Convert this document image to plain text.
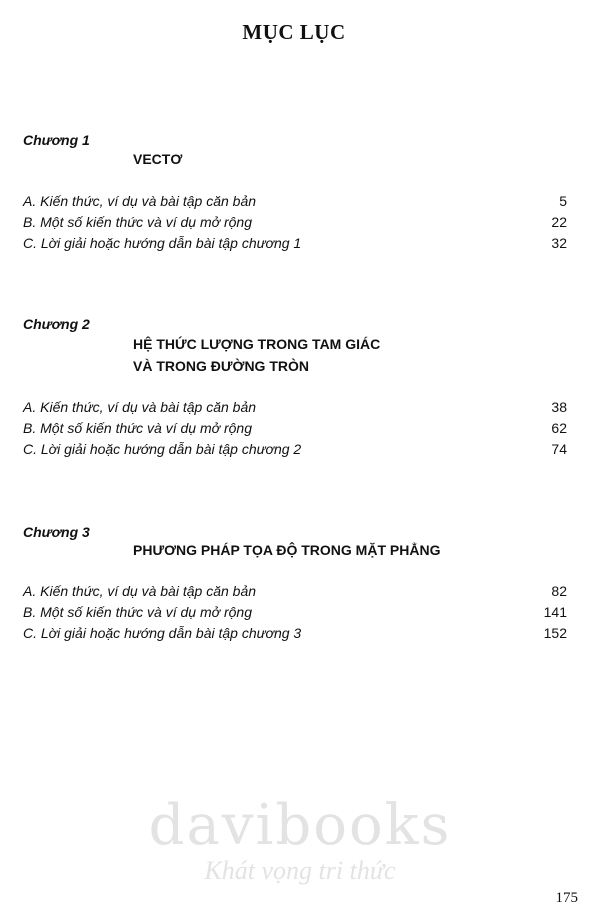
MỤC LỤC
Chương 1
VECTƠ
A. Kiến thức, ví dụ và bài tập căn bản	5
B. Một số kiến thức và ví dụ mở rộng	22
C. Lời giải hoặc hướng dẫn bài tập chương 1	32
Chương 2
HỆ THỨC LƯỢNG TRONG TAM GIÁC
VÀ TRONG ĐƯỜNG TRÒN
A. Kiến thức, ví dụ và bài tập căn bản	38
B. Một số kiến thức và ví dụ mở rộng	62
C. Lời giải hoặc hướng dẫn bài tập chương 2	74
Chương 3
PHƯƠNG PHÁP TỌA ĐỘ TRONG MẶT PHẲNG
A. Kiến thức, ví dụ và bài tập căn bản	82
B. Một số kiến thức và ví dụ mở rộng	141
C. Lời giải hoặc hướng dẫn bài tập chương 3	152
davibooks
Khát vọng tri thức
175
